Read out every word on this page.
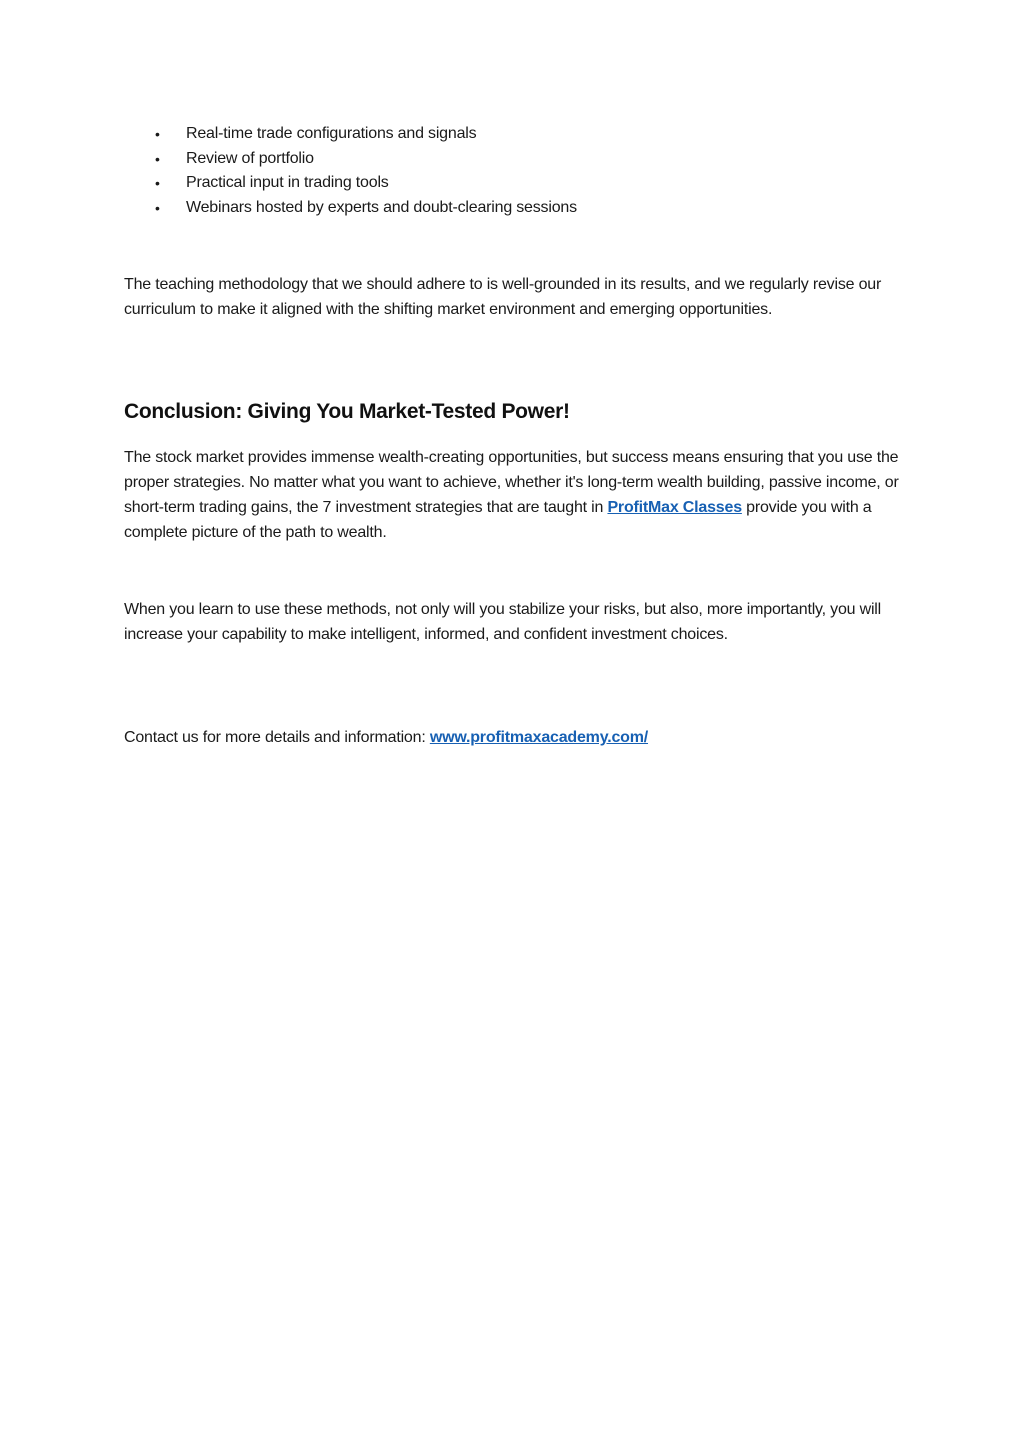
• Real-time trade configurations and signals
• Review of portfolio
• Practical input in trading tools
• Webinars hosted by experts and doubt-clearing sessions

The teaching methodology that we should adhere to is well-grounded in its results, and we regularly revise our curriculum to make it aligned with the shifting market environment and emerging opportunities.

Conclusion: Giving You Market-Tested Power!

The stock market provides immense wealth-creating opportunities, but success means ensuring that you use the proper strategies. No matter what you want to achieve, whether it's long-term wealth building, passive income, or short-term trading gains, the 7 investment strategies that are taught in ProfitMax Classes provide you with a complete picture of the path to wealth.

When you learn to use these methods, not only will you stabilize your risks, but also, more importantly, you will increase your capability to make intelligent, informed, and confident investment choices.

Contact us for more details and information: www.profitmaxacademy.com/
